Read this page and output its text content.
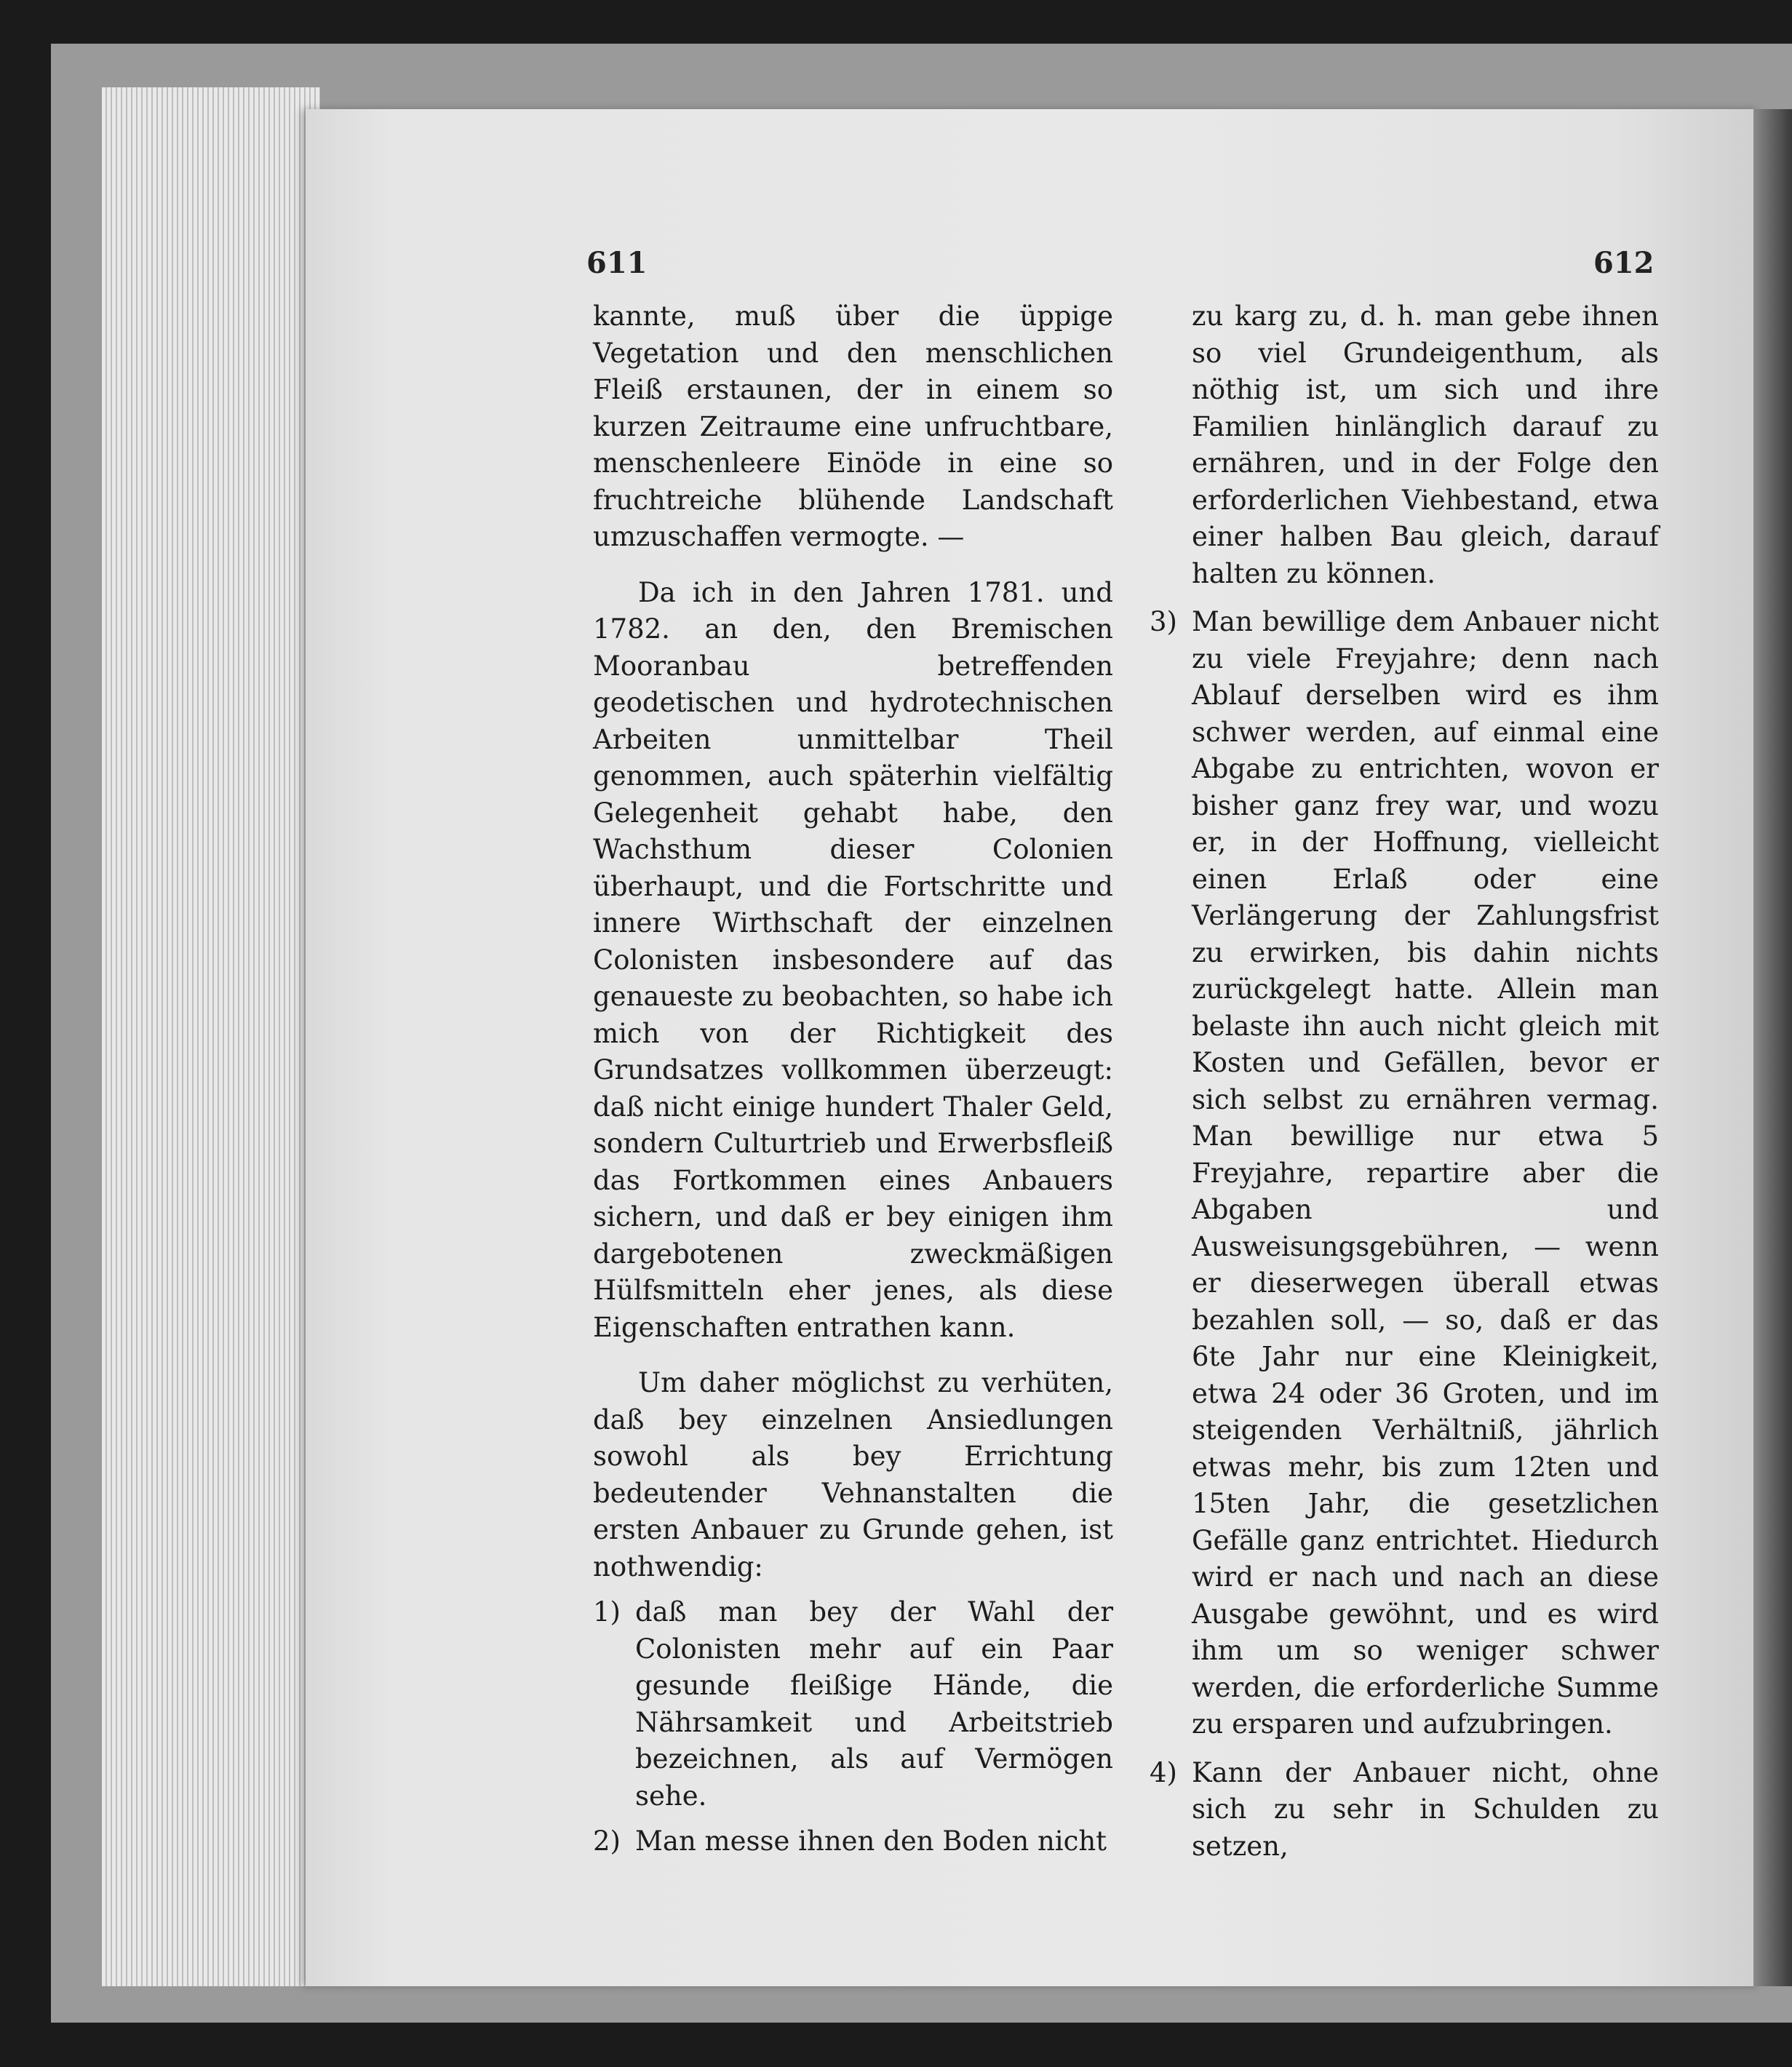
611	612

kannte, muß über die üppige Vegetation und den menschlichen Fleiß erstaunen, der in einem so kurzen Zeitraume eine unfruchtbare, menschenleere Einöde in eine so fruchtreiche blühende Landschaft umzuschaffen vermogte. —

Da ich in den Jahren 1781. und 1782. an den, den Bremischen Mooranbau betreffenden geodetischen und hydrotechnischen Arbeiten unmittelbar Theil genommen, auch späterhin vielfältig Gelegenheit gehabt habe, den Wachsthum dieser Colonien überhaupt, und die Fortschritte und innere Wirthschaft der einzelnen Colonisten insbesondere auf das genaueste zu beobachten, so habe ich mich von der Richtigkeit des Grundsatzes vollkommen überzeugt: daß nicht einige hundert Thaler Geld, sondern Culturtrieb und Erwerbsfleiß das Fortkommen eines Anbauers sichern, und daß er bey einigen ihm dargebotenen zweckmäßigen Hülfsmitteln eher jenes, als diese Eigenschaften entrathen kann.

Um daher möglichst zu verhüten, daß bey einzelnen Ansiedlungen sowohl als bey Errichtung bedeutender Vehnanstalten die ersten Anbauer zu Grunde gehen, ist nothwendig:

1) daß man bey der Wahl der Colonisten mehr auf ein Paar gesunde fleißige Hände, die Nährsamkeit und Arbeitstrieb bezeichnen, als auf Vermögen sehe.
2) Man messe ihnen den Boden nicht
zu karg zu, d. h. man gebe ihnen so viel Grundeigenthum, als nöthig ist, um sich und ihre Familien hinlänglich darauf zu ernähren, und in der Folge den erforderlichen Viehbestand, etwa einer halben Bau gleich, darauf halten zu können.
3) Man bewillige dem Anbauer nicht zu viele Freyjahre; denn nach Ablauf derselben wird es ihm schwer werden, auf einmal eine Abgabe zu entrichten, wovon er bisher ganz frey war, und wozu er, in der Hoffnung, vielleicht einen Erlaß oder eine Verlängerung der Zahlungsfrist zu erwirken, bis dahin nichts zurückgelegt hatte. Allein man belaste ihn auch nicht gleich mit Kosten und Gefällen, bevor er sich selbst zu ernähren vermag. Man bewillige nur etwa 5 Freyjahre, repartire aber die Abgaben und Ausweisungsgebühren, — wenn er dieserwegen überall etwas bezahlen soll, — so, daß er das 6te Jahr nur eine Kleinigkeit, etwa 24 oder 36 Groten, und im steigenden Verhältniß, jährlich etwas mehr, bis zum 12ten und 15ten Jahr, die gesetzlichen Gefälle ganz entrichtet. Hiedurch wird er nach und nach an diese Ausgabe gewöhnt, und es wird ihm um so weniger schwer werden, die erforderliche Summe zu ersparen und aufzubringen.
4) Kann der Anbauer nicht, ohne sich zu sehr in Schulden zu setzen,
